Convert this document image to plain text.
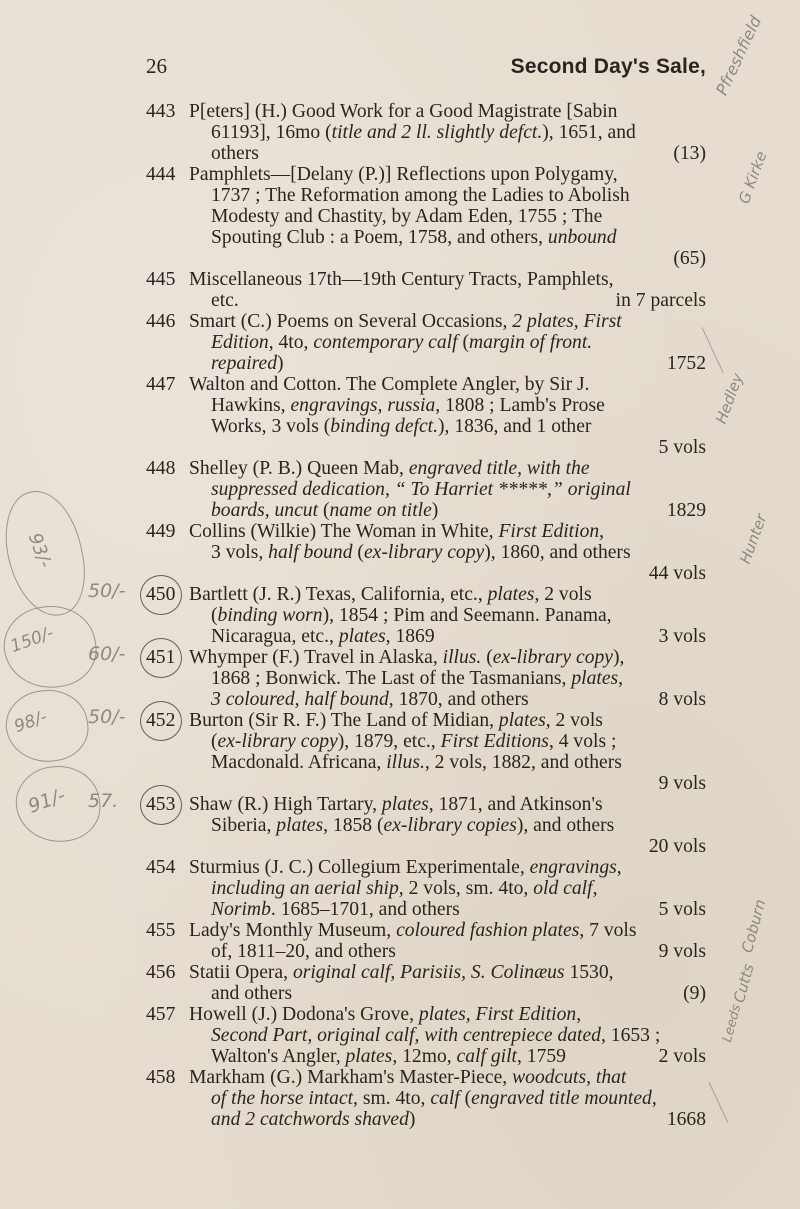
26	Second Day's Sale,
443 P[eters] (H.) Good Work for a Good Magistrate [Sabin
61193], 16mo (title and 2 ll. slightly defct.), 1651, and
others	(13)
444 Pamphlets—[Delany (P.)] Reflections upon Polygamy,
1737 ; The Reformation among the Ladies to Abolish
Modesty and Chastity, by Adam Eden, 1755 ; The
Spouting Club : a Poem, 1758, and others, unbound
(65)
445 Miscellaneous 17th—19th Century Tracts, Pamphlets,
etc.	in 7 parcels
446 Smart (C.) Poems on Several Occasions, 2 plates, First
Edition, 4to, contemporary calf (margin of front.
repaired)	1752
447 Walton and Cotton. The Complete Angler, by Sir J.
Hawkins, engravings, russia, 1808 ; Lamb's Prose
Works, 3 vols (binding defct.), 1836, and 1 other
5 vols
448 Shelley (P. B.) Queen Mab, engraved title, with the
suppressed dedication, “ To Harriet *****,” original
boards, uncut (name on title)	1829
449 Collins (Wilkie) The Woman in White, First Edition,
3 vols, half bound (ex-library copy), 1860, and others
44 vols
450 Bartlett (J. R.) Texas, California, etc., plates, 2 vols
(binding worn), 1854 ; Pim and Seemann. Panama,
Nicaragua, etc., plates, 1869	3 vols
50/-
451 Whymper (F.) Travel in Alaska, illus. (ex-library copy),
1868 ; Bonwick. The Last of the Tasmanians, plates,
3 coloured, half bound, 1870, and others	8 vols
60/-
452 Burton (Sir R. F.) The Land of Midian, plates, 2 vols
(ex-library copy), 1879, etc., First Editions, 4 vols ;
Macdonald. Africana, illus., 2 vols, 1882, and others
9 vols
50/-
453 Shaw (R.) High Tartary, plates, 1871, and Atkinson's
Siberia, plates, 1858 (ex-library copies), and others
20 vols
57.
454 Sturmius (J. C.) Collegium Experimentale, engravings,
including an aerial ship, 2 vols, sm. 4to, old calf,
Norimb. 1685–1701, and others	5 vols
455 Lady's Monthly Museum, coloured fashion plates, 7 vols
of, 1811–20, and others	9 vols
456 Statii Opera, original calf, Parisiis, S. Colinæus 1530,
and others	(9)
457 Howell (J.) Dodona's Grove, plates, First Edition,
Second Part, original calf, with centrepiece dated, 1653 ;
Walton's Angler, plates, 12mo, calf gilt, 1759	2 vols
458 Markham (G.) Markham's Master-Piece, woodcuts, that
of the horse intact, sm. 4to, calf (engraved title mounted,
and 2 catchwords shaved)	1668
93/-
150/-
98/-
91/-
Pfreshfield
G Kirke
Hedley
Hunter
Coburn
Cutts
Leeds
